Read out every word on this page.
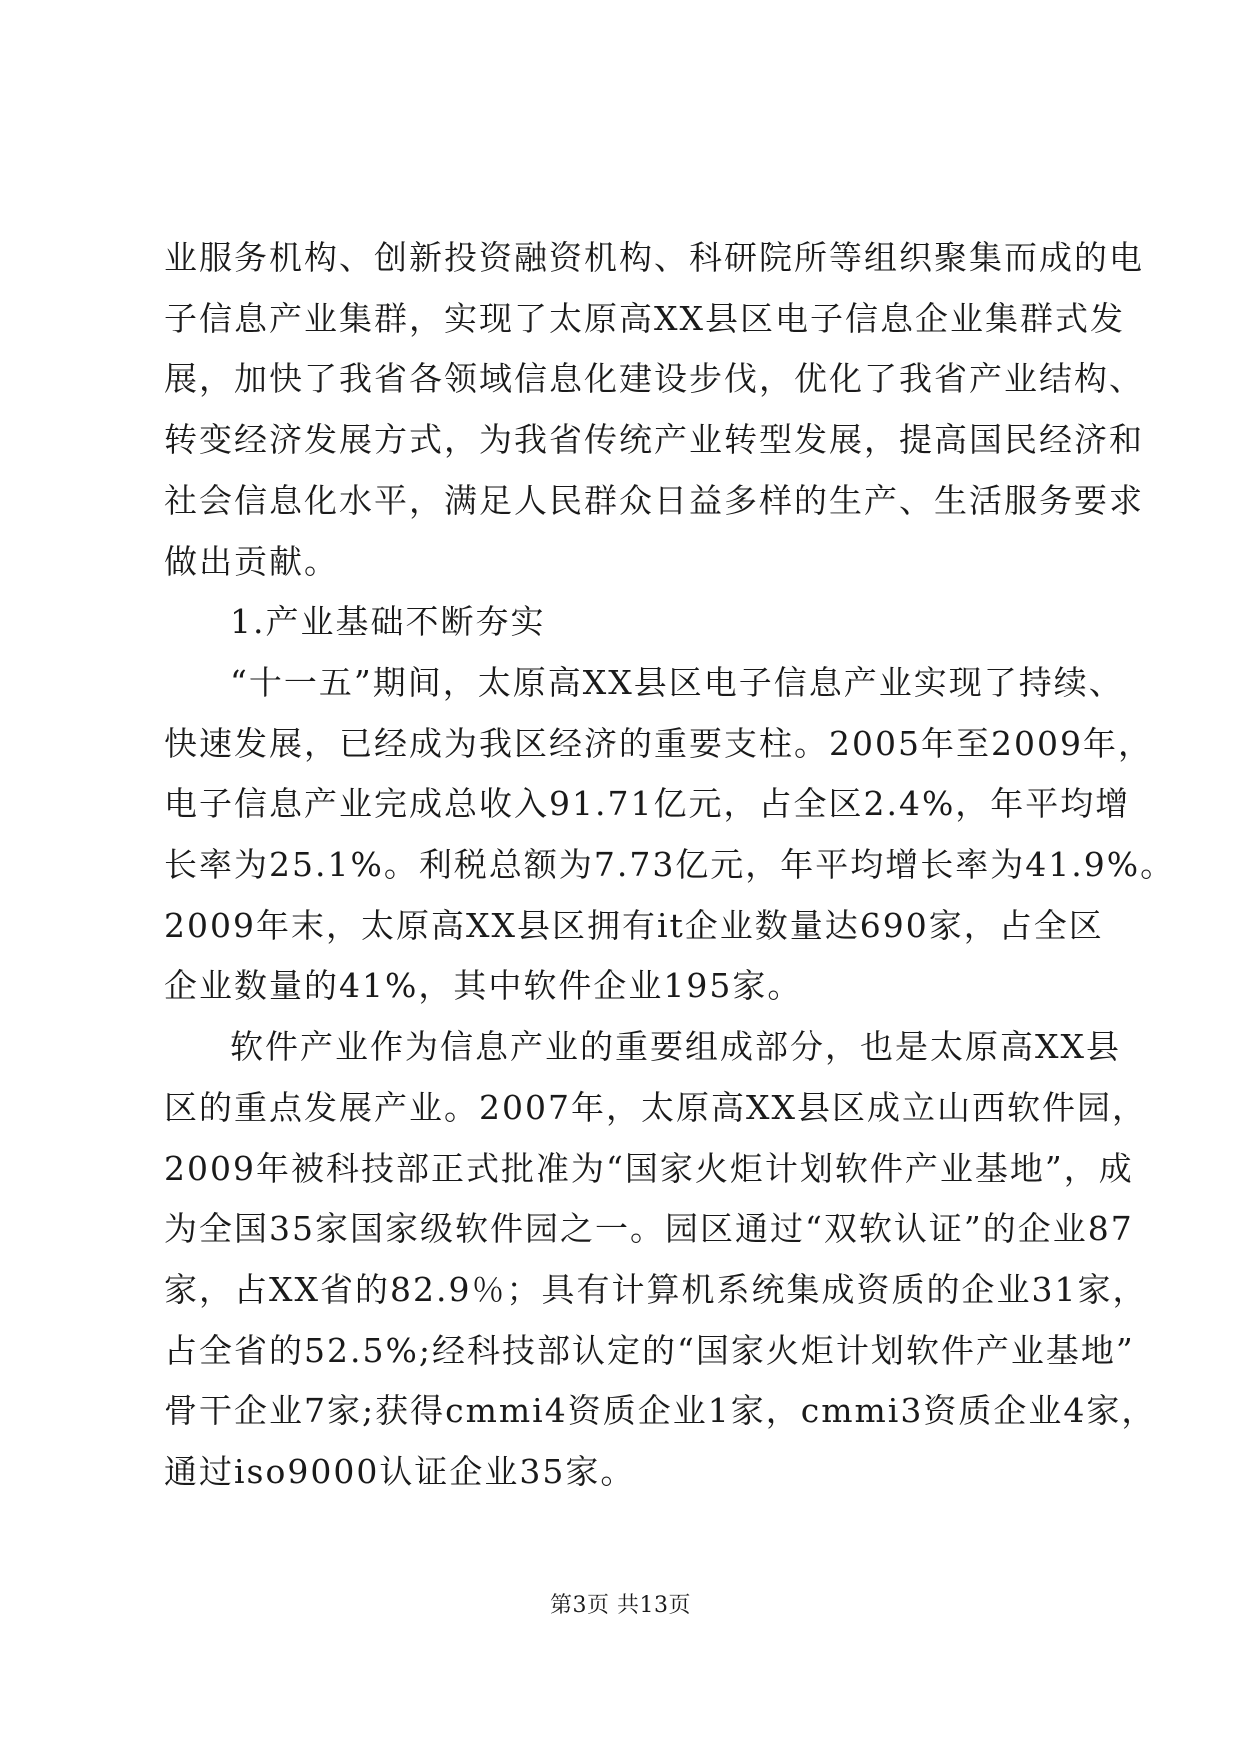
业服务机构、创新投资融资机构、科研院所等组织聚集而成的电
子信息产业集群，实现了太原高XX县区电子信息企业集群式发
展，加快了我省各领域信息化建设步伐，优化了我省产业结构、
转变经济发展方式，为我省传统产业转型发展，提高国民经济和
社会信息化水平，满足人民群众日益多样的生产、生活服务要求
做出贡献。

1.产业基础不断夯实

“十一五”期间，太原高XX县区电子信息产业实现了持续、
快速发展，已经成为我区经济的重要支柱。2005年至2009年，
电子信息产业完成总收入91.71亿元，占全区2.4%，年平均增
长率为25.1%。利税总额为7.73亿元，年平均增长率为41.9%。
2009年末，太原高XX县区拥有it企业数量达690家，占全区
企业数量的41%，其中软件企业195家。

软件产业作为信息产业的重要组成部分，也是太原高XX县
区的重点发展产业。2007年，太原高XX县区成立山西软件园，
2009年被科技部正式批准为“国家火炬计划软件产业基地”，成
为全国35家国家级软件园之一。园区通过“双软认证”的企业87
家，占XX省的82.9％；具有计算机系统集成资质的企业31家，
占全省的52.5%;经科技部认定的“国家火炬计划软件产业基地”
骨干企业7家;获得cmmi4资质企业1家，cmmi3资质企业4家，
通过iso9000认证企业35家。

第3页 共13页
